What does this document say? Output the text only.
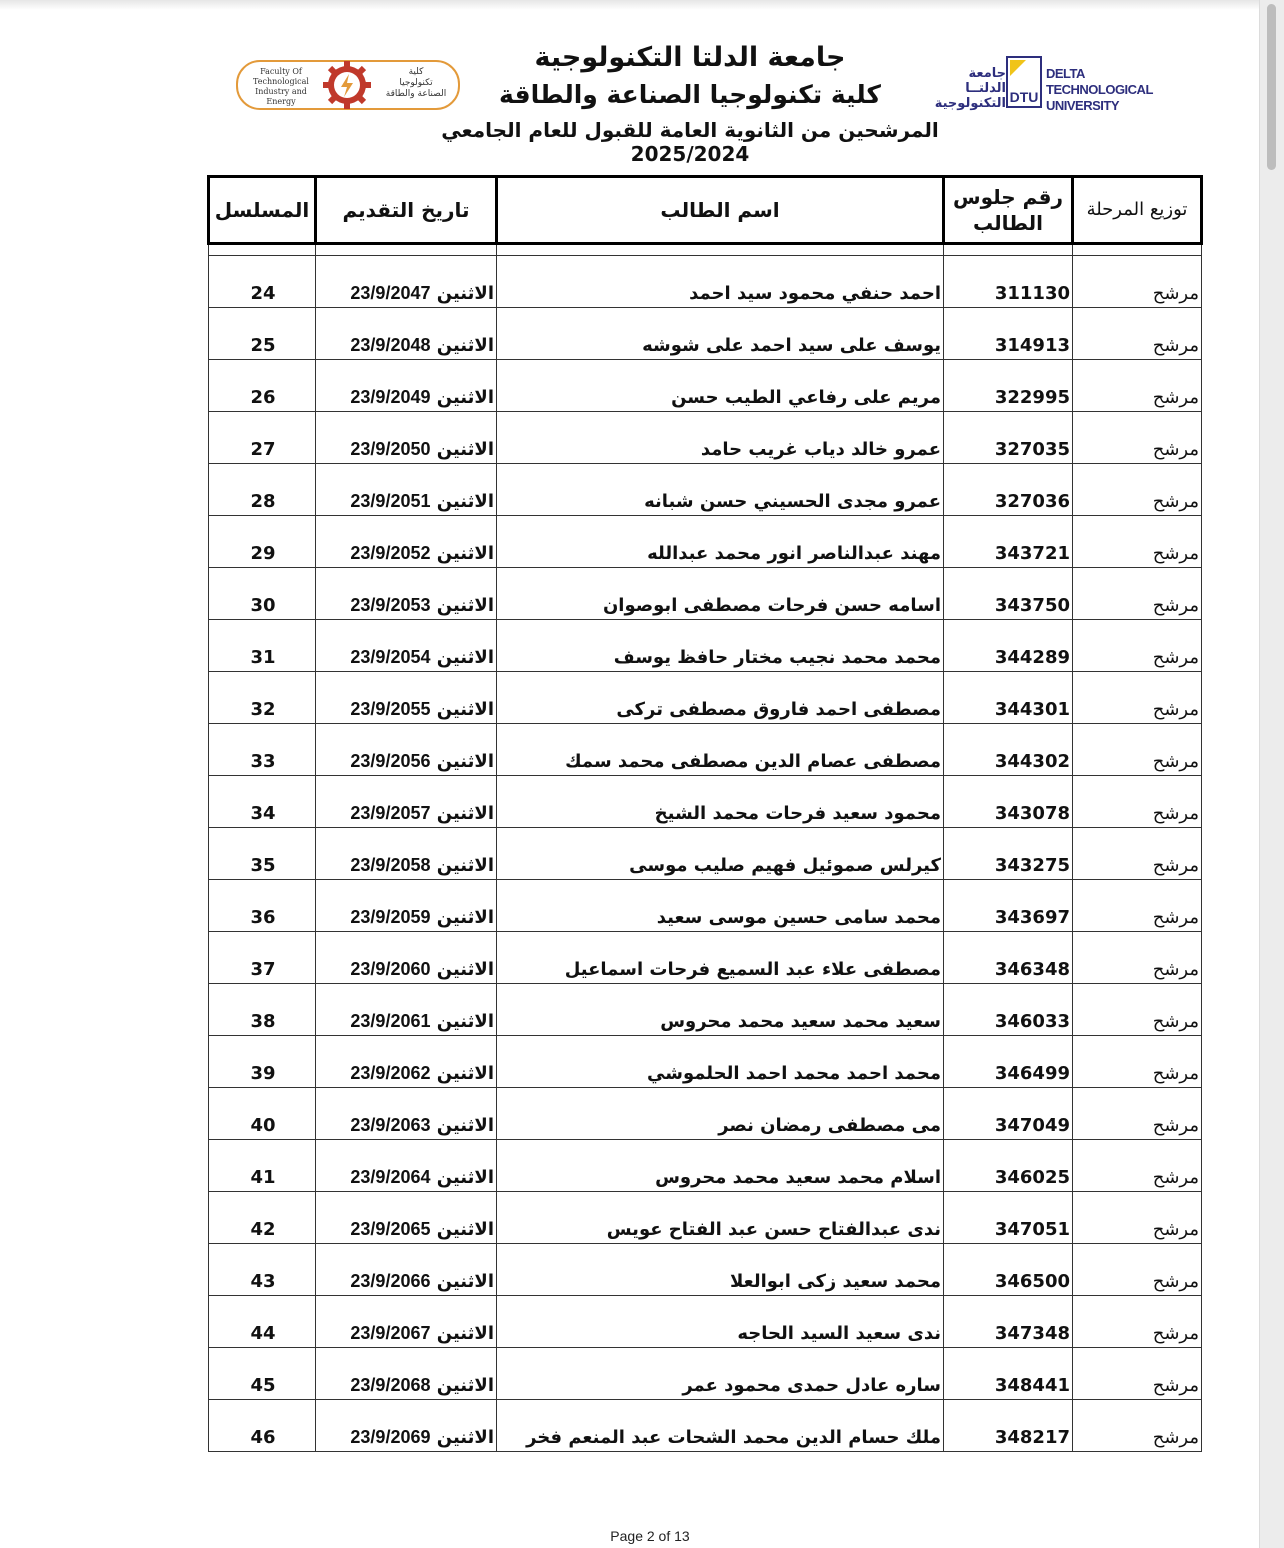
Faculty Of
Technological
Industry and Energy
كلية
تكنولوجيا
الصناعة والطاقة
جامعة الدلتا التكنولوجية
كلية تكنولوجيا الصناعة والطاقة
المرشحين من الثانوية العامة للقبول للعام الجامعي 2025/2024
جامعة الدلتــا
التكنولوجية DTU
DELTA TECHNOLOGICAL
UNIVERSITY
توزيع المرحلة	رقم جلوس الطالب	اسم الطالب	تاريخ التقديم	المسلسل

مرشح	311130	احمد حنفي محمود سيد احمد	الاثنين 23/9/2047	24
مرشح	314913	يوسف على سيد احمد على شوشه	الاثنين 23/9/2048	25
مرشح	322995	مريم على رفاعي الطيب حسن	الاثنين 23/9/2049	26
مرشح	327035	عمرو خالد دياب غريب حامد	الاثنين 23/9/2050	27
مرشح	327036	عمرو مجدى الحسيني حسن شبانه	الاثنين 23/9/2051	28
مرشح	343721	مهند عبدالناصر انور محمد عبدالله	الاثنين 23/9/2052	29
مرشح	343750	اسامه حسن فرحات مصطفى ابوصوان	الاثنين 23/9/2053	30
مرشح	344289	محمد محمد نجيب مختار حافظ يوسف	الاثنين 23/9/2054	31
مرشح	344301	مصطفى احمد فاروق مصطفى تركى	الاثنين 23/9/2055	32
مرشح	344302	مصطفى عصام الدين مصطفى محمد سمك	الاثنين 23/9/2056	33
مرشح	343078	محمود سعيد فرحات محمد الشيخ	الاثنين 23/9/2057	34
مرشح	343275	كيرلس صموئيل فهيم صليب موسى	الاثنين 23/9/2058	35
مرشح	343697	محمد سامى حسين موسى سعيد	الاثنين 23/9/2059	36
مرشح	346348	مصطفى علاء عبد السميع فرحات اسماعيل	الاثنين 23/9/2060	37
مرشح	346033	سعيد محمد سعيد محمد محروس	الاثنين 23/9/2061	38
مرشح	346499	محمد احمد محمد احمد الحلموشي	الاثنين 23/9/2062	39
مرشح	347049	مى مصطفى رمضان نصر	الاثنين 23/9/2063	40
مرشح	346025	اسلام محمد سعيد محمد محروس	الاثنين 23/9/2064	41
مرشح	347051	ندى عبدالفتاح حسن عبد الفتاح عويس	الاثنين 23/9/2065	42
مرشح	346500	محمد سعيد زكى ابوالعلا	الاثنين 23/9/2066	43
مرشح	347348	ندى سعيد السيد الحاجه	الاثنين 23/9/2067	44
مرشح	348441	ساره عادل حمدى محمود عمر	الاثنين 23/9/2068	45
مرشح	348217	ملك حسام الدين محمد الشحات عبد المنعم فخر	الاثنين 23/9/2069	46
Page 2 of 13
